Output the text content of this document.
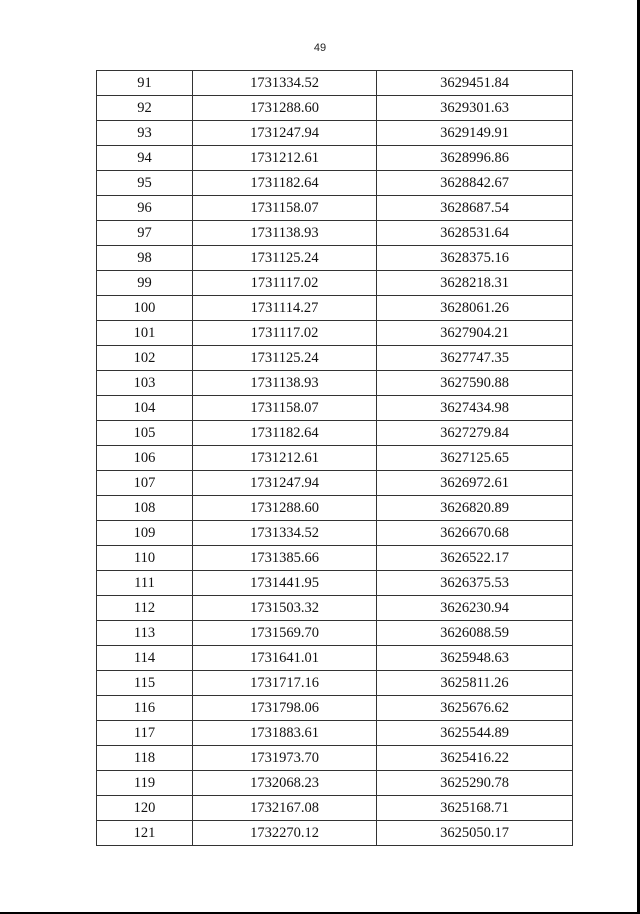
49
91	1731334.52	3629451.84
92	1731288.60	3629301.63
93	1731247.94	3629149.91
94	1731212.61	3628996.86
95	1731182.64	3628842.67
96	1731158.07	3628687.54
97	1731138.93	3628531.64
98	1731125.24	3628375.16
99	1731117.02	3628218.31
100	1731114.27	3628061.26
101	1731117.02	3627904.21
102	1731125.24	3627747.35
103	1731138.93	3627590.88
104	1731158.07	3627434.98
105	1731182.64	3627279.84
106	1731212.61	3627125.65
107	1731247.94	3626972.61
108	1731288.60	3626820.89
109	1731334.52	3626670.68
110	1731385.66	3626522.17
111	1731441.95	3626375.53
112	1731503.32	3626230.94
113	1731569.70	3626088.59
114	1731641.01	3625948.63
115	1731717.16	3625811.26
116	1731798.06	3625676.62
117	1731883.61	3625544.89
118	1731973.70	3625416.22
119	1732068.23	3625290.78
120	1732167.08	3625168.71
121	1732270.12	3625050.17
